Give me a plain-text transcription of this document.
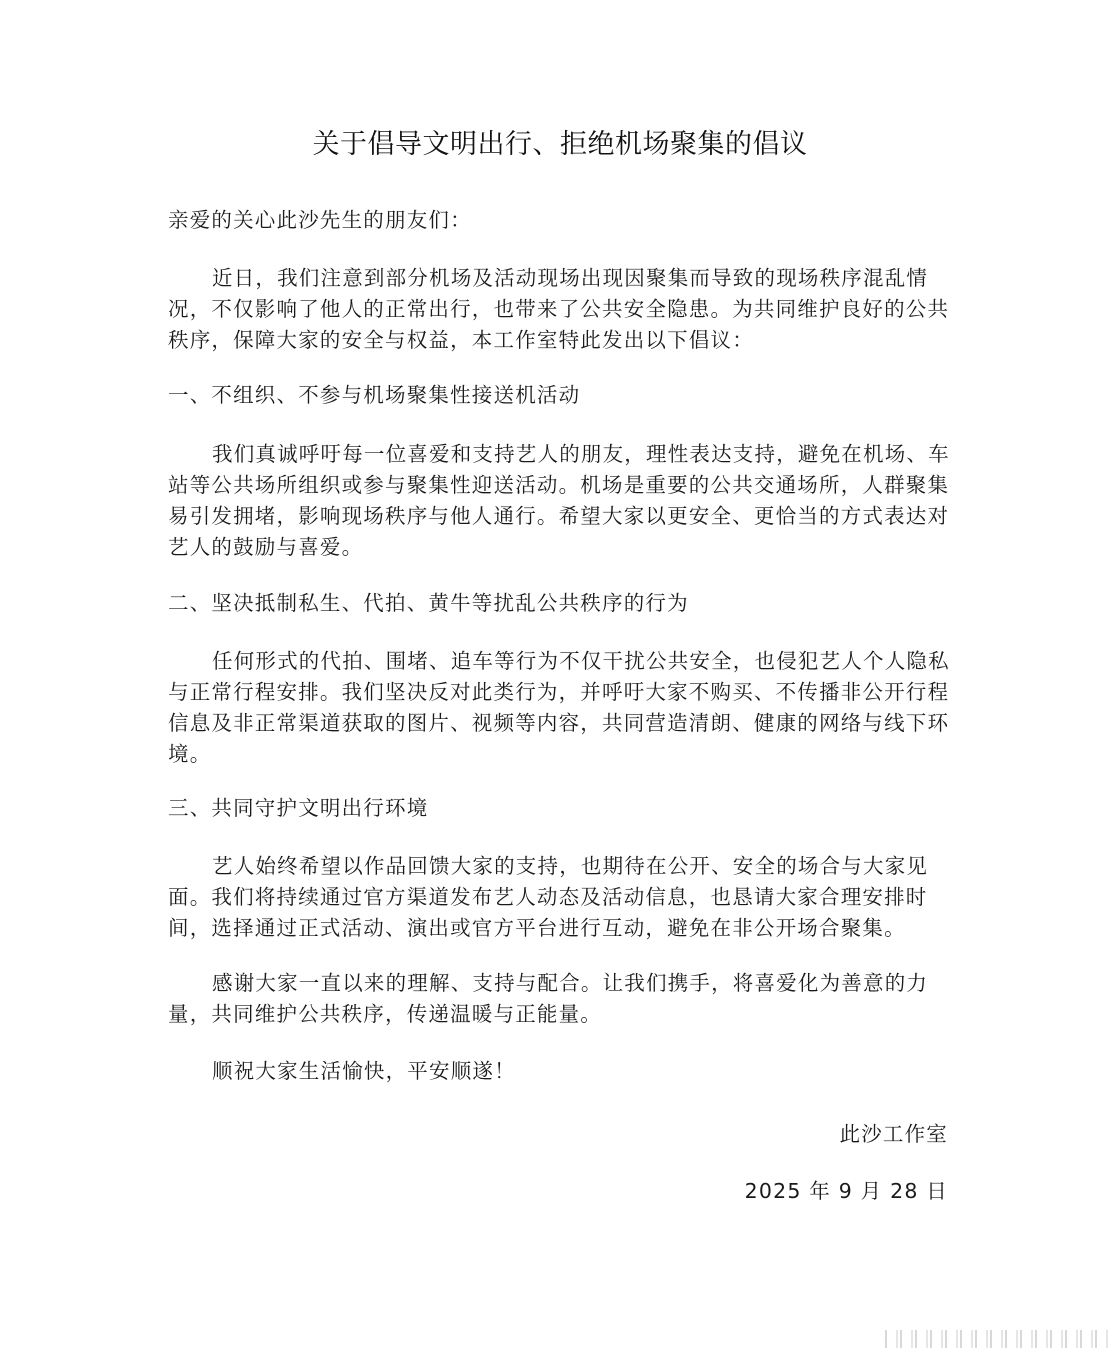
关于倡导文明出行、拒绝机场聚集的倡议
亲爱的关心此沙先生的朋友们：
近日，我们注意到部分机场及活动现场出现因聚集而导致的现场秩序混乱情况，不仅影响了他人的正常出行，也带来了公共安全隐患。为共同维护良好的公共秩序，保障大家的安全与权益，本工作室特此发出以下倡议：
一、不组织、不参与机场聚集性接送机活动
我们真诚呼吁每一位喜爱和支持艺人的朋友，理性表达支持，避免在机场、车站等公共场所组织或参与聚集性迎送活动。机场是重要的公共交通场所，人群聚集易引发拥堵，影响现场秩序与他人通行。希望大家以更安全、更恰当的方式表达对艺人的鼓励与喜爱。
二、坚决抵制私生、代拍、黄牛等扰乱公共秩序的行为
任何形式的代拍、围堵、追车等行为不仅干扰公共安全，也侵犯艺人个人隐私与正常行程安排。我们坚决反对此类行为，并呼吁大家不购买、不传播非公开行程信息及非正常渠道获取的图片、视频等内容，共同营造清朗、健康的网络与线下环境。
三、共同守护文明出行环境
艺人始终希望以作品回馈大家的支持，也期待在公开、安全的场合与大家见面。我们将持续通过官方渠道发布艺人动态及活动信息，也恳请大家合理安排时间，选择通过正式活动、演出或官方平台进行互动，避免在非公开场合聚集。
感谢大家一直以来的理解、支持与配合。让我们携手，将喜爱化为善意的力量，共同维护公共秩序，传递温暖与正能量。
顺祝大家生活愉快，平安顺遂！
此沙工作室
2025 年 9 月 28 日
